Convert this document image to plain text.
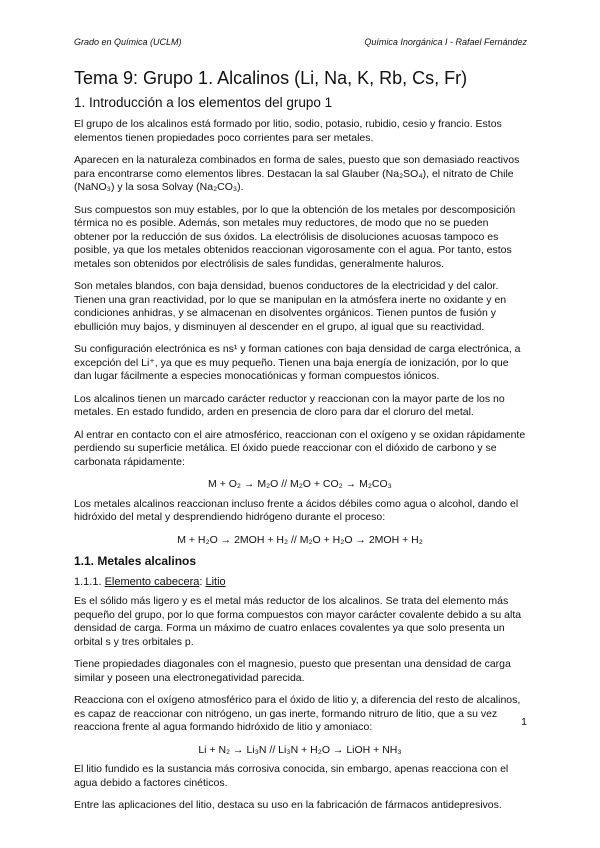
Grado en Química (UCLM)	Química Inorgánica I - Rafael Fernández
Tema 9: Grupo 1. Alcalinos (Li, Na, K, Rb, Cs, Fr)
1. Introducción a los elementos del grupo 1

El grupo de los alcalinos está formado por litio, sodio, potasio, rubidio, cesio y francio. Estos elementos tienen propiedades poco corrientes para ser metales.

Aparecen en la naturaleza combinados en forma de sales, puesto que son demasiado reactivos para encontrarse como elementos libres. Destacan la sal Glauber (Na₂SO₄), el nitrato de Chile (NaNO₃) y la sosa Solvay (Na₂CO₃).

Sus compuestos son muy estables, por lo que la obtención de los metales por descomposición térmica no es posible. Además, son metales muy reductores, de modo que no se pueden obtener por la reducción de sus óxidos. La electrólisis de disoluciones acuosas tampoco es posible, ya que los metales obtenidos reaccionan vigorosamente con el agua. Por tanto, estos metales son obtenidos por electrólisis de sales fundidas, generalmente haluros.

Son metales blandos, con baja densidad, buenos conductores de la electricidad y del calor. Tienen una gran reactividad, por lo que se manipulan en la atmósfera inerte no oxidante y en condiciones anhidras, y se almacenan en disolventes orgánicos. Tienen puntos de fusión y ebullición muy bajos, y disminuyen al descender en el grupo, al igual que su reactividad.

Su configuración electrónica es ns¹ y forman cationes con baja densidad de carga electrónica, a excepción del Li⁺, ya que es muy pequeño. Tienen una baja energía de ionización, por lo que dan lugar fácilmente a especies monocatiónicas y forman compuestos iónicos.

Los alcalinos tienen un marcado carácter reductor y reaccionan con la mayor parte de los no metales. En estado fundido, arden en presencia de cloro para dar el cloruro del metal.

Al entrar en contacto con el aire atmosférico, reaccionan con el oxígeno y se oxidan rápidamente perdiendo su superficie metálica. El óxido puede reaccionar con el dióxido de carbono y se carbonata rápidamente:

M + O₂ → M₂O // M₂O + CO₂ → M₂CO₃

Los metales alcalinos reaccionan incluso frente a ácidos débiles como agua o alcohol, dando el hidróxido del metal y desprendiendo hidrógeno durante el proceso:

M + H₂O → 2MOH + H₂ // M₂O + H₂O → 2MOH + H₂

1.1. Metales alcalinos
1.1.1. Elemento cabecera: Litio

Es el sólido más ligero y es el metal más reductor de los alcalinos. Se trata del elemento más pequeño del grupo, por lo que forma compuestos con mayor carácter covalente debido a su alta densidad de carga. Forma un máximo de cuatro enlaces covalentes ya que solo presenta un orbital s y tres orbitales p.

Tiene propiedades diagonales con el magnesio, puesto que presentan una densidad de carga similar y poseen una electronegatividad parecida.

Reacciona con el oxígeno atmosférico para el óxido de litio y, a diferencia del resto de alcalinos, es capaz de reaccionar con nitrógeno, un gas inerte, formando nitruro de litio, que a su vez reacciona frente al agua formando hidróxido de litio y amoniaco:

Li + N₂ → Li₃N // Li₃N + H₂O → LiOH + NH₃

El litio fundido es la sustancia más corrosiva conocida, sin embargo, apenas reacciona con el agua debido a factores cinéticos.

Entre las aplicaciones del litio, destaca su uso en la fabricación de fármacos antidepresivos.

1
